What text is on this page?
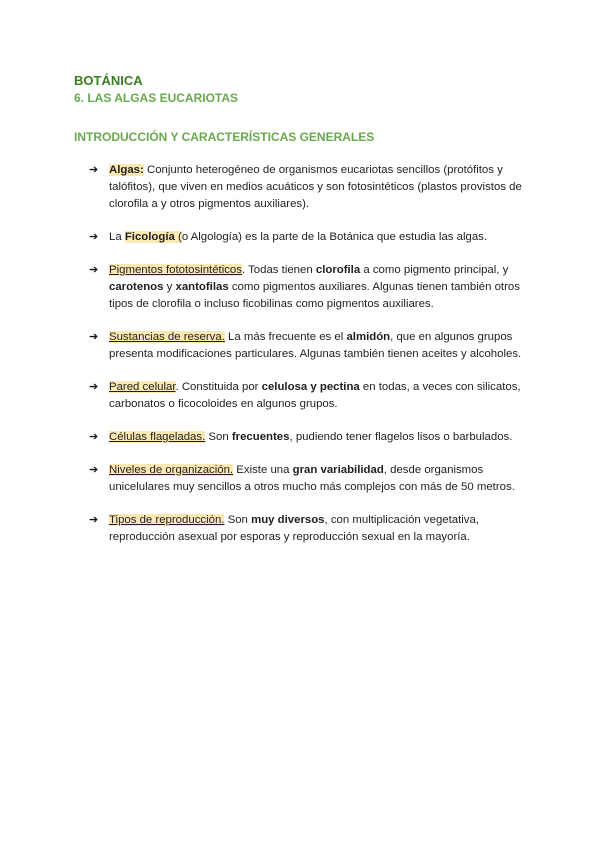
BOTÁNICA
6. LAS ALGAS EUCARIOTAS
INTRODUCCIÓN Y CARACTERÍSTICAS GENERALES
➔ Algas: Conjunto heterogéneo de organismos eucariotas sencillos (protófitos y talófitos), que viven en medios acuáticos y son fotosintéticos (plastos provistos de clorofila a y otros pigmentos auxiliares).
➔ La Ficología (o Algología) es la parte de la Botánica que estudia las algas.
➔ Pigmentos fototosintéticos. Todas tienen clorofila a como pigmento principal, y carotenos y xantofilas como pigmentos auxiliares. Algunas tienen también otros tipos de clorofila o incluso ficobilinas como pigmentos auxiliares.
➔ Sustancias de reserva. La más frecuente es el almidón, que en algunos grupos presenta modificaciones particulares. Algunas también tienen aceites y alcoholes.
➔ Pared celular. Constituida por celulosa y pectina en todas, a veces con silicatos, carbonatos o ficocoloides en algunos grupos.
➔ Células flageladas. Son frecuentes, pudiendo tener flagelos lisos o barbulados.
➔ Niveles de organización. Existe una gran variabilidad, desde organismos unicelulares muy sencillos a otros mucho más complejos con más de 50 metros.
➔ Tipos de reproducción. Son muy diversos, con multiplicación vegetativa, reproducción asexual por esporas y reproducción sexual en la mayoría.
